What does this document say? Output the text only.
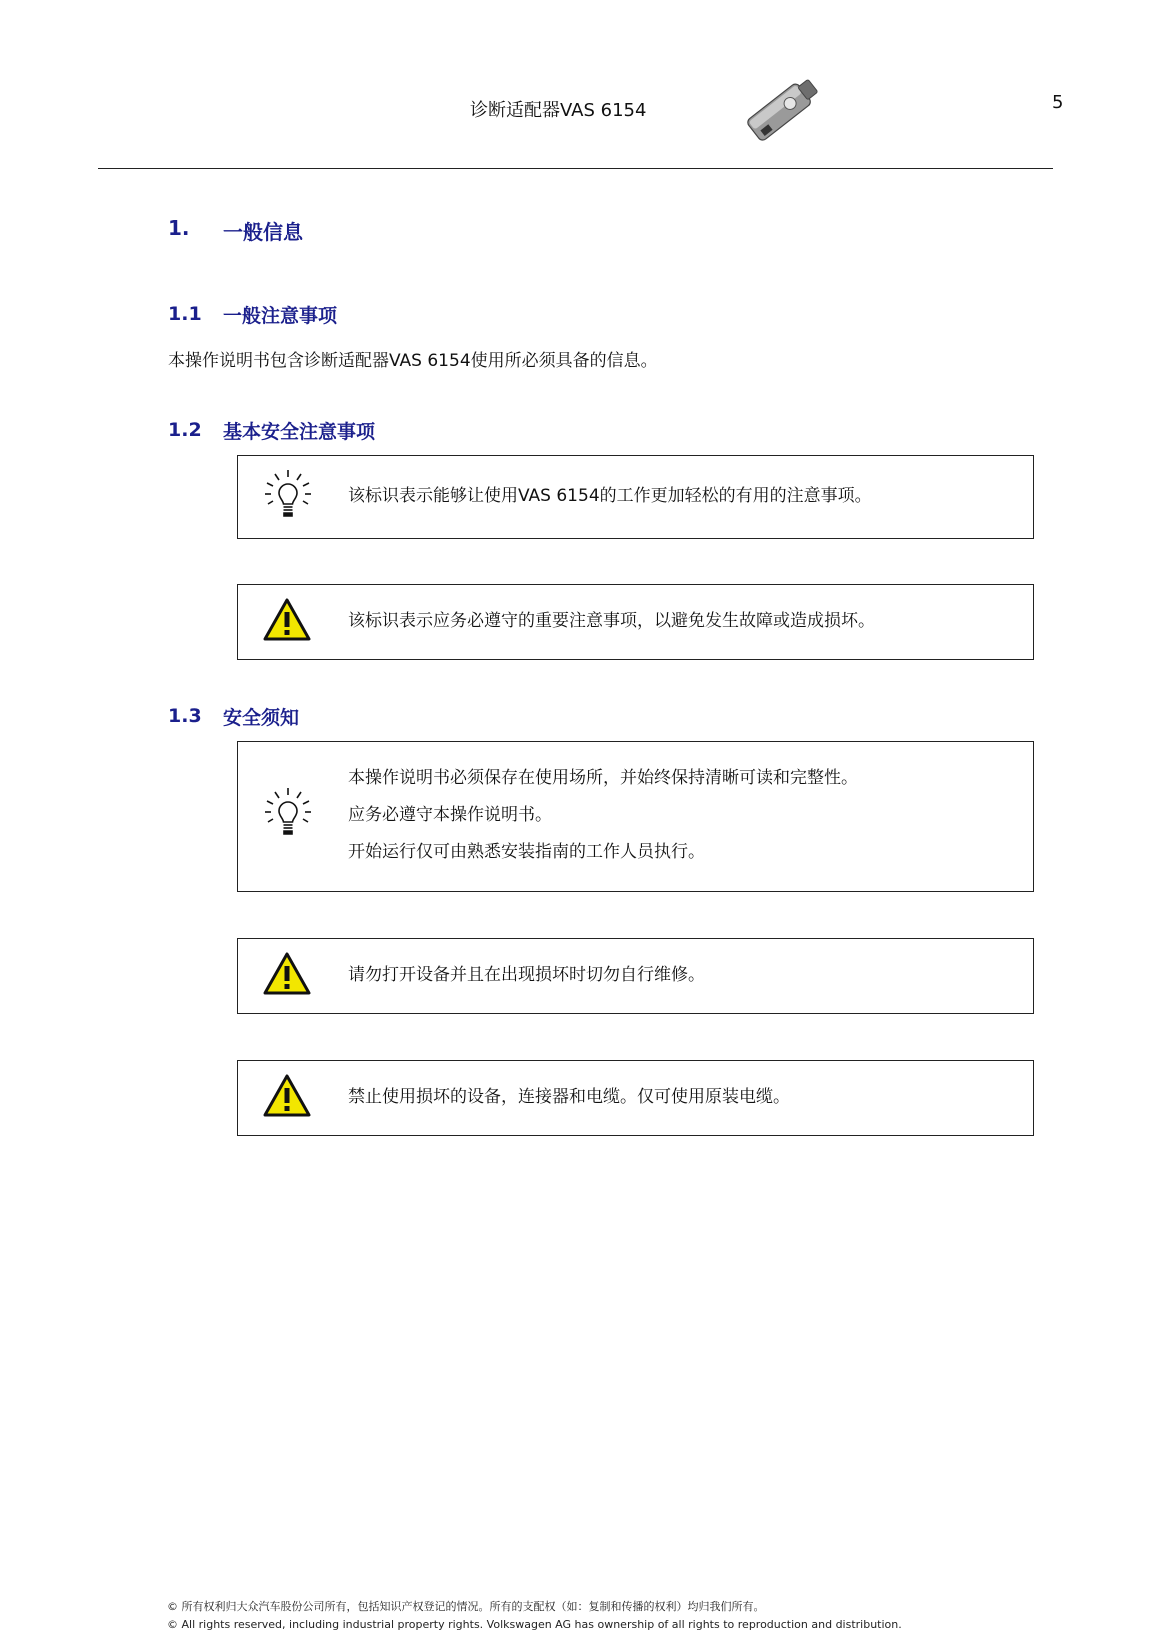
诊断适配器VAS 6154	5
1. 一般信息
1.1 一般注意事项
本操作说明书包含诊断适配器VAS 6154使用所必须具备的信息。
1.2 基本安全注意事项
该标识表示能够让使用VAS 6154的工作更加轻松的有用的注意事项。
该标识表示应务必遵守的重要注意事项，以避免发生故障或造成损坏。
1.3 安全须知
本操作说明书必须保存在使用场所，并始终保持清晰可读和完整性。
应务必遵守本操作说明书。
开始运行仅可由熟悉安装指南的工作人员执行。
请勿打开设备并且在出现损坏时切勿自行维修。
禁止使用损坏的设备，连接器和电缆。仅可使用原装电缆。
© 所有权利归大众汽车股份公司所有，包括知识产权登记的情况。所有的支配权（如：复制和传播的权利）均归我们所有。
© All rights reserved, including industrial property rights. Volkswagen AG has ownership of all rights to reproduction and distribution.
